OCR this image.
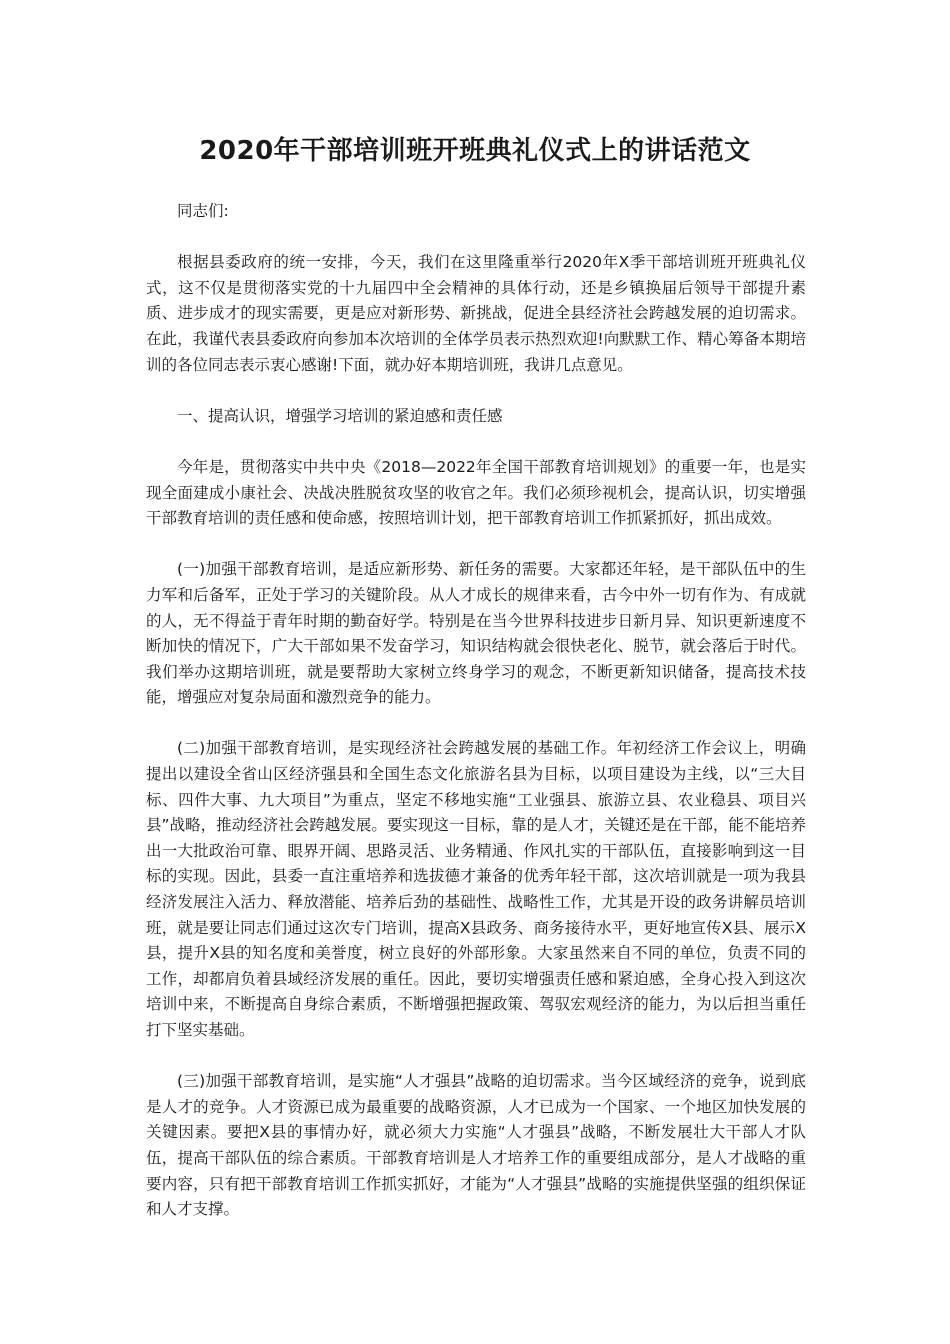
2020年干部培训班开班典礼仪式上的讲话范文

同志们:

根据县委政府的统一安排，今天，我们在这里隆重举行2020年X季干部培训班开班典礼仪式，这不仅是贯彻落实党的十九届四中全会精神的具体行动，还是乡镇换届后领导干部提升素质、进步成才的现实需要，更是应对新形势、新挑战，促进全县经济社会跨越发展的迫切需求。在此，我谨代表县委政府向参加本次培训的全体学员表示热烈欢迎!向默默工作、精心筹备本期培训的各位同志表示衷心感谢!下面，就办好本期培训班，我讲几点意见。

一、提高认识，增强学习培训的紧迫感和责任感

今年是，贯彻落实中共中央《2018—2022年全国干部教育培训规划》的重要一年，也是实现全面建成小康社会、决战决胜脱贫攻坚的收官之年。我们必须珍视机会，提高认识，切实增强干部教育培训的责任感和使命感，按照培训计划，把干部教育培训工作抓紧抓好，抓出成效。

(一)加强干部教育培训，是适应新形势、新任务的需要。大家都还年轻，是干部队伍中的生力军和后备军，正处于学习的关键阶段。从人才成长的规律来看，古今中外一切有作为、有成就的人，无不得益于青年时期的勤奋好学。特别是在当今世界科技进步日新月异、知识更新速度不断加快的情况下，广大干部如果不发奋学习，知识结构就会很快老化、脱节，就会落后于时代。我们举办这期培训班，就是要帮助大家树立终身学习的观念，不断更新知识储备，提高技术技能，增强应对复杂局面和激烈竞争的能力。

(二)加强干部教育培训，是实现经济社会跨越发展的基础工作。年初经济工作会议上，明确提出以建设全省山区经济强县和全国生态文化旅游名县为目标，以项目建设为主线，以“三大目标、四件大事、九大项目”为重点，坚定不移地实施“工业强县、旅游立县、农业稳县、项目兴县”战略，推动经济社会跨越发展。要实现这一目标，靠的是人才，关键还是在干部，能不能培养出一大批政治可靠、眼界开阔、思路灵活、业务精通、作风扎实的干部队伍，直接影响到这一目标的实现。因此，县委一直注重培养和选拔德才兼备的优秀年轻干部，这次培训就是一项为我县经济发展注入活力、释放潜能、培养后劲的基础性、战略性工作，尤其是开设的政务讲解员培训班，就是要让同志们通过这次专门培训，提高X县政务、商务接待水平，更好地宣传X县、展示X县，提升X县的知名度和美誉度，树立良好的外部形象。大家虽然来自不同的单位，负责不同的工作，却都肩负着县域经济发展的重任。因此，要切实增强责任感和紧迫感，全身心投入到这次培训中来，不断提高自身综合素质，不断增强把握政策、驾驭宏观经济的能力，为以后担当重任打下坚实基础。

(三)加强干部教育培训，是实施“人才强县”战略的迫切需求。当今区域经济的竞争，说到底是人才的竞争。人才资源已成为最重要的战略资源，人才已成为一个国家、一个地区加快发展的关键因素。要把X县的事情办好，就必须大力实施“人才强县”战略，不断发展壮大干部人才队伍，提高干部队伍的综合素质。干部教育培训是人才培养工作的重要组成部分，是人才战略的重要内容，只有把干部教育培训工作抓实抓好，才能为“人才强县”战略的实施提供坚强的组织保证和人才支撑。
